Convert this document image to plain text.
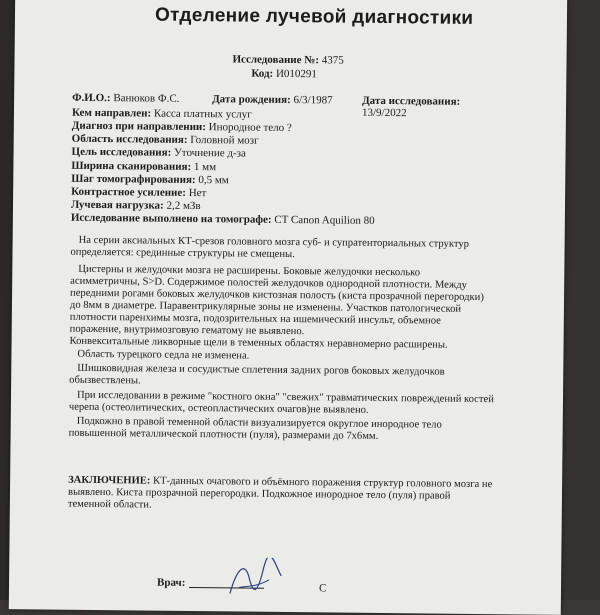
Отделение лучевой диагностики
Исследование №: 4375
Код: И010291
Ф.И.О.: Ванюков Ф.С.	Дата рождения: 6/3/1987	Дата исследования:
13/9/2022
Кем направлен: Касса платных услуг
Диагноз при направлении: Инородное тело ?
Область исследования: Головной мозг
Цель исследования: Уточнение д-за
Ширина сканирования: 1 мм
Шаг томографирования: 0,5 мм
Контрастное усиление: Нет
Лучевая нагрузка: 2,2 мЗв
Исследование выполнено на томографе: CT Canon Aquilion 80
На серии аксиальных КТ-срезов головного мозга суб- и супратенториальных структур
определяется: срединные структуры не смещены.
Цистерны и желудочки мозга не расширены. Боковые желудочки несколько
асимметричны, S>D. Содержимое полостей желудочков однородной плотности. Между
передними рогами боковых желудочков кистозная полость (киста прозрачной перегородки)
до 8мм в диаметре. Паравентрикулярные зоны не изменены. Участков патологической
плотности паренхимы мозга, подозрительных на ишемический инсульт, объемное
поражение, внутримозговую гематому не выявлено.
Конвекситальные ликворные щели в теменных областях неравномерно расширены.
Область турецкого седла не изменена.
Шишковидная железа и сосудистые сплетения задних рогов боковых желудочков
обызвествлены.
При исследовании в режиме "костного окна" "свежих" травматических повреждений костей
черепа (остеолитических, остеопластических очагов)не выявлено.
Подкожно в правой теменной области визуализируется округлое инородное тело
повышенной металлической плотности (пуля), размерами до 7х6мм.
ЗАКЛЮЧЕНИЕ: КТ-данных очагового и объёмного поражения структур головного мозга не
выявлено. Киста прозрачной перегородки. Подкожное инородное тело (пуля) правой
теменной области.
Врач:	С
